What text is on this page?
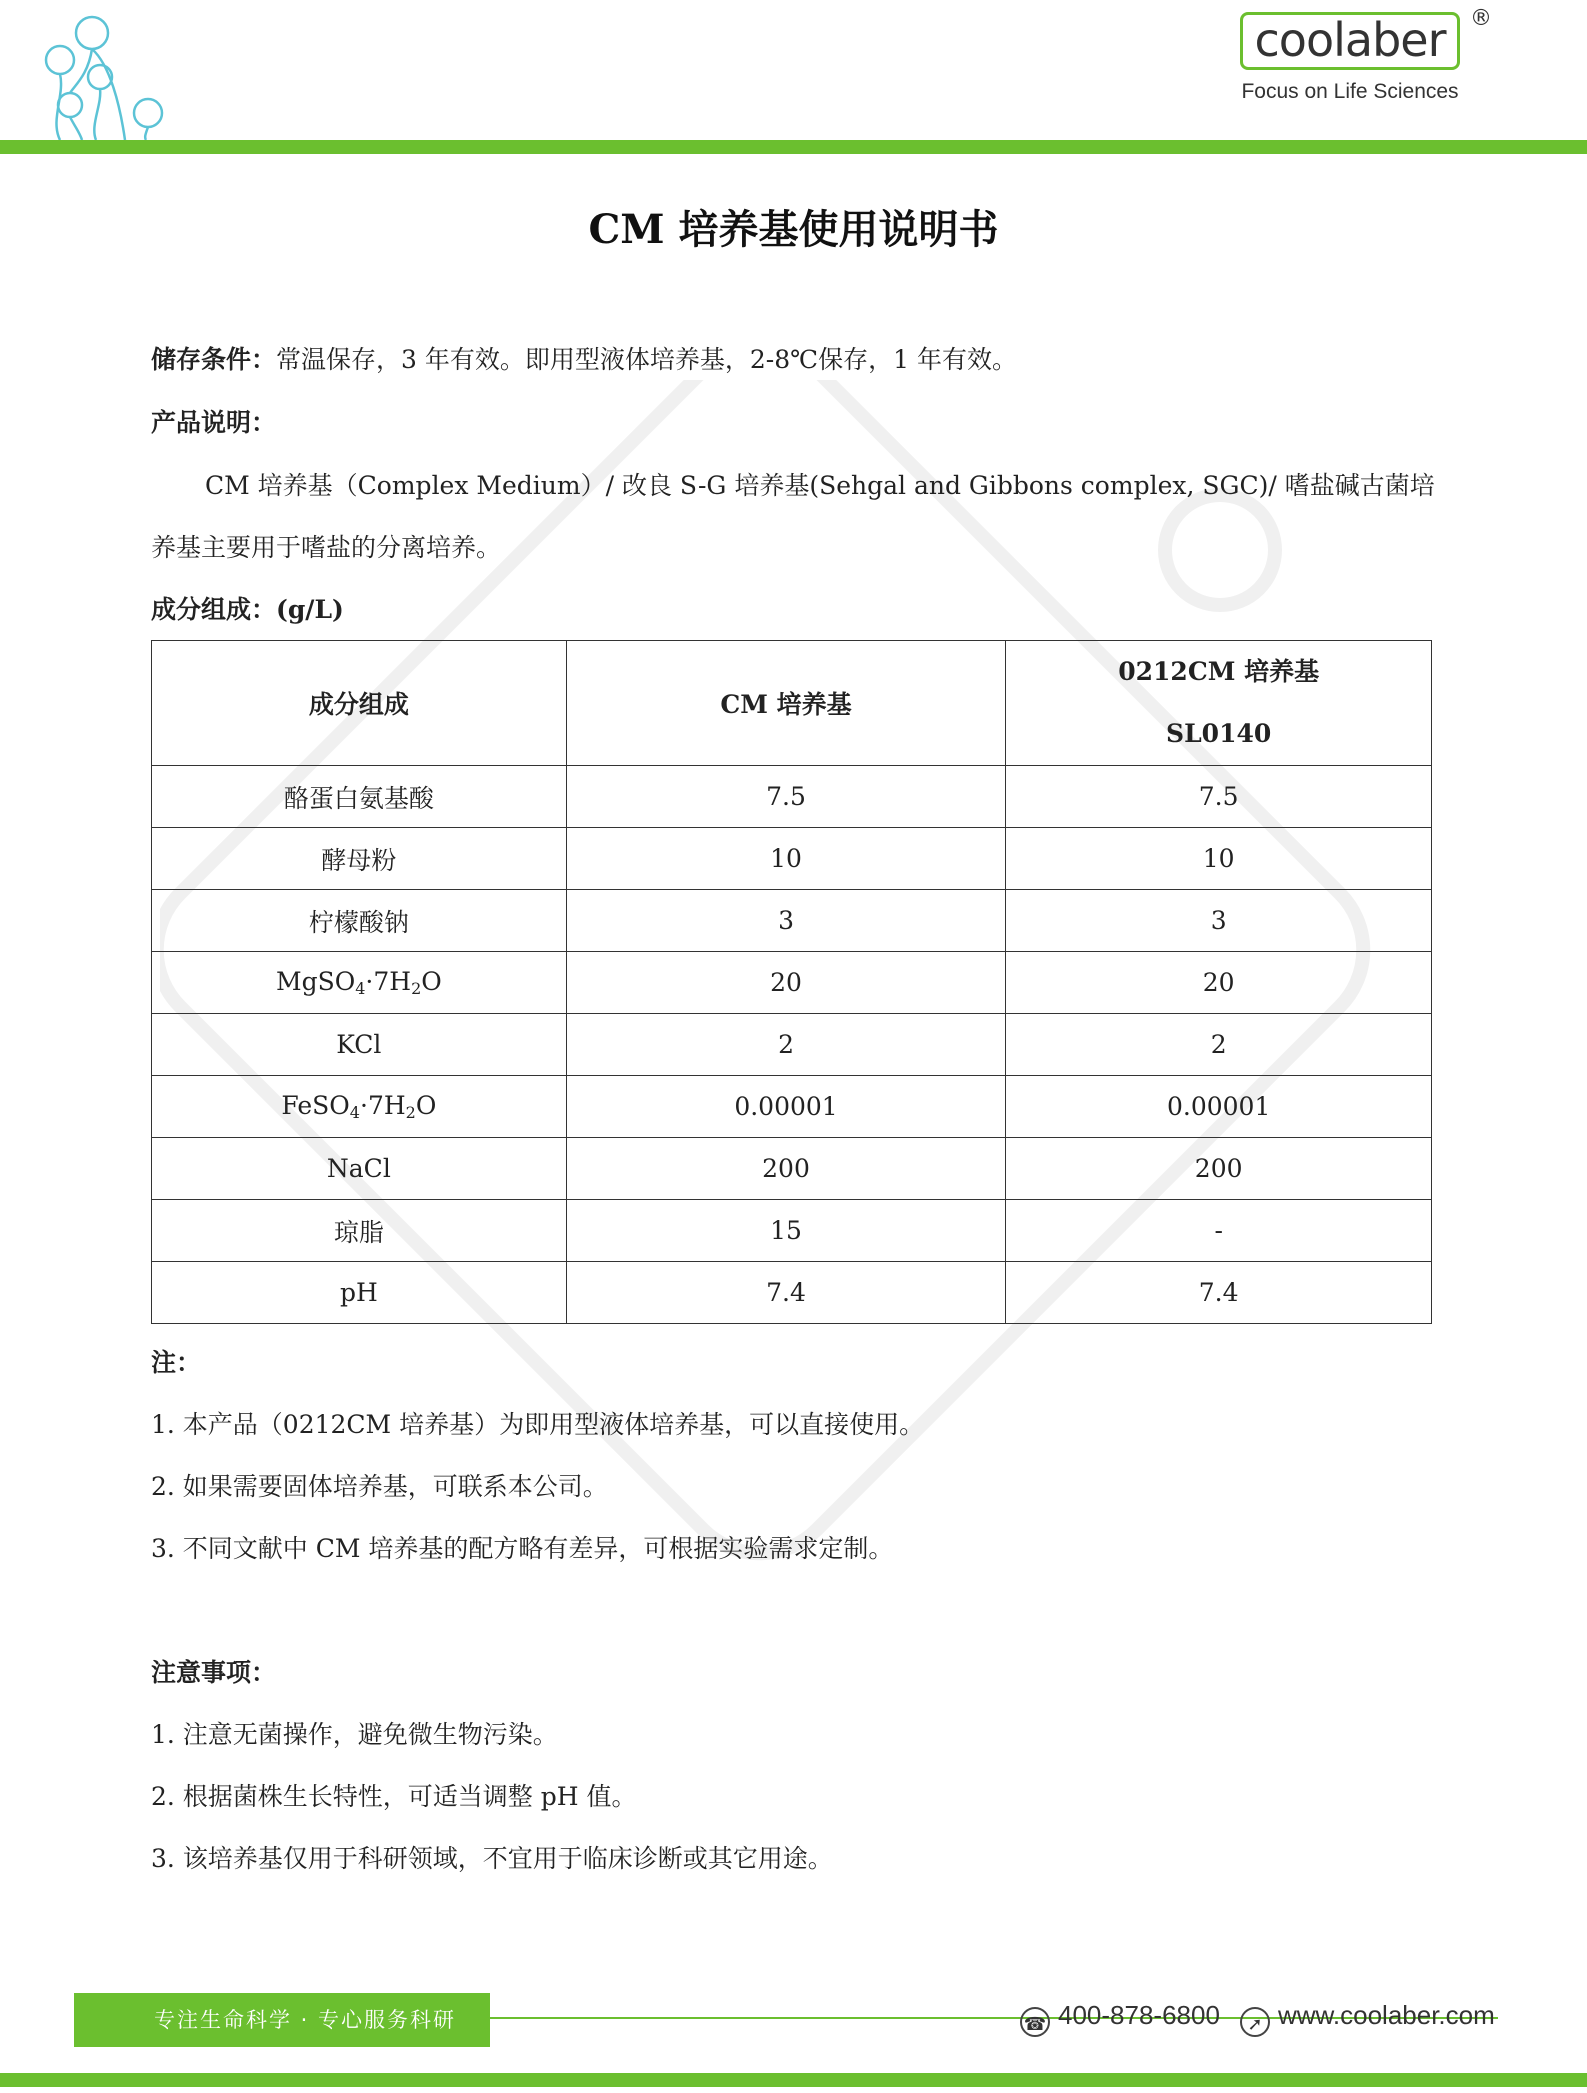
coolaber	®
Focus on Life Sciences
CM 培养基使用说明书
储存条件：常温保存，3 年有效。即用型液体培养基，2-8℃保存，1 年有效。
产品说明：
CM 培养基（Complex Medium）/ 改良 S-G 培养基(Sehgal and Gibbons complex, SGC)/ 嗜盐碱古菌培
养基主要用于嗜盐的分离培养。
成分组成：(g/L)
成分组成	CM 培养基	0212CM 培养基
SL0140

酪蛋白氨基酸	7.5	7.5
酵母粉	10	10
柠檬酸钠	3	3
$MgSO_4\cdot 7H_2O$	20	20
KCl	2	2
$FeSO_4\cdot 7H_2O$	0.00001	0.00001
NaCl	200	200
琼脂	15	-
pH	7.4	7.4
注：
1. 本产品（0212CM 培养基）为即用型液体培养基，可以直接使用。
2. 如果需要固体培养基，可联系本公司。
3. 不同文献中 CM 培养基的配方略有差异，可根据实验需求定制。
注意事项：
1. 注意无菌操作，避免微生物污染。
2. 根据菌株生长特性，可适当调整 pH 值。
3. 该培养基仅用于科研领域，不宜用于临床诊断或其它用途。
专注生命科学 · 专心服务科研	☎ 400-878-6800	➚ www.coolaber.com
